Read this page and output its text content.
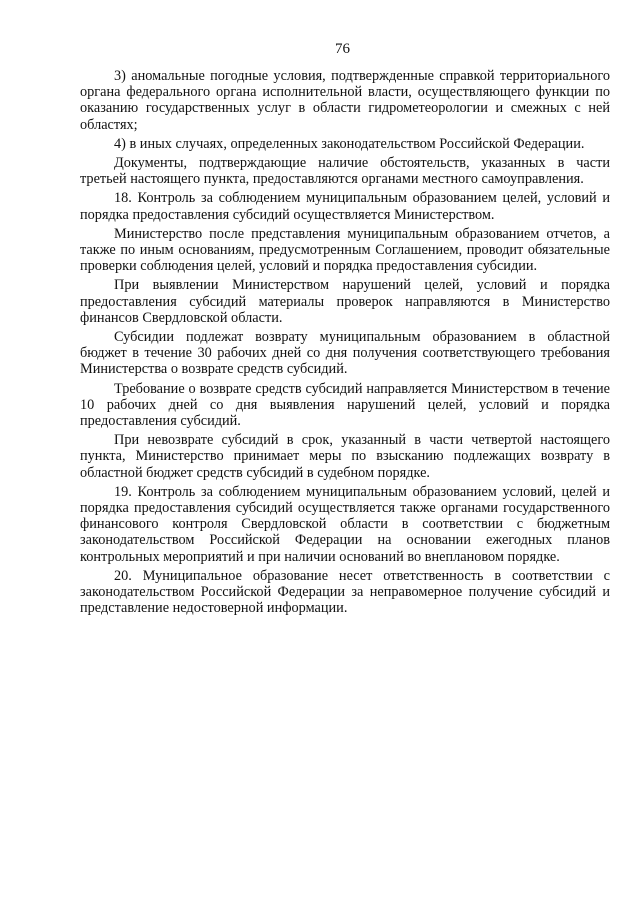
76

3) аномальные погодные условия, подтвержденные справкой территориального органа федерального органа исполнительной власти, осуществляющего функции по оказанию государственных услуг в области гидрометеорологии и смежных с ней областях;

4) в иных случаях, определенных законодательством Российской Федерации.

Документы, подтверждающие наличие обстоятельств, указанных в части третьей настоящего пункта, предоставляются органами местного самоуправления.

18. Контроль за соблюдением муниципальным образованием целей, условий и порядка предоставления субсидий осуществляется Министерством.

Министерство после представления муниципальным образованием отчетов, а также по иным основаниям, предусмотренным Соглашением, проводит обязательные проверки соблюдения целей, условий и порядка предоставления субсидии.

При выявлении Министерством нарушений целей, условий и порядка предоставления субсидий материалы проверок направляются в Министерство финансов Свердловской области.

Субсидии подлежат возврату муниципальным образованием в областной бюджет в течение 30 рабочих дней со дня получения соответствующего требования Министерства о возврате средств субсидий.

Требование о возврате средств субсидий направляется Министерством в течение 10 рабочих дней со дня выявления нарушений целей, условий и порядка предоставления субсидий.

При невозврате субсидий в срок, указанный в части четвертой настоящего пункта, Министерство принимает меры по взысканию подлежащих возврату в областной бюджет средств субсидий в судебном порядке.

19. Контроль за соблюдением муниципальным образованием условий, целей и порядка предоставления субсидий осуществляется также органами государственного финансового контроля Свердловской области в соответствии с бюджетным законодательством Российской Федерации на основании ежегодных планов контрольных мероприятий и при наличии оснований во внеплановом порядке.

20. Муниципальное образование несет ответственность в соответствии с законодательством Российской Федерации за неправомерное получение субсидий и представление недостоверной информации.
